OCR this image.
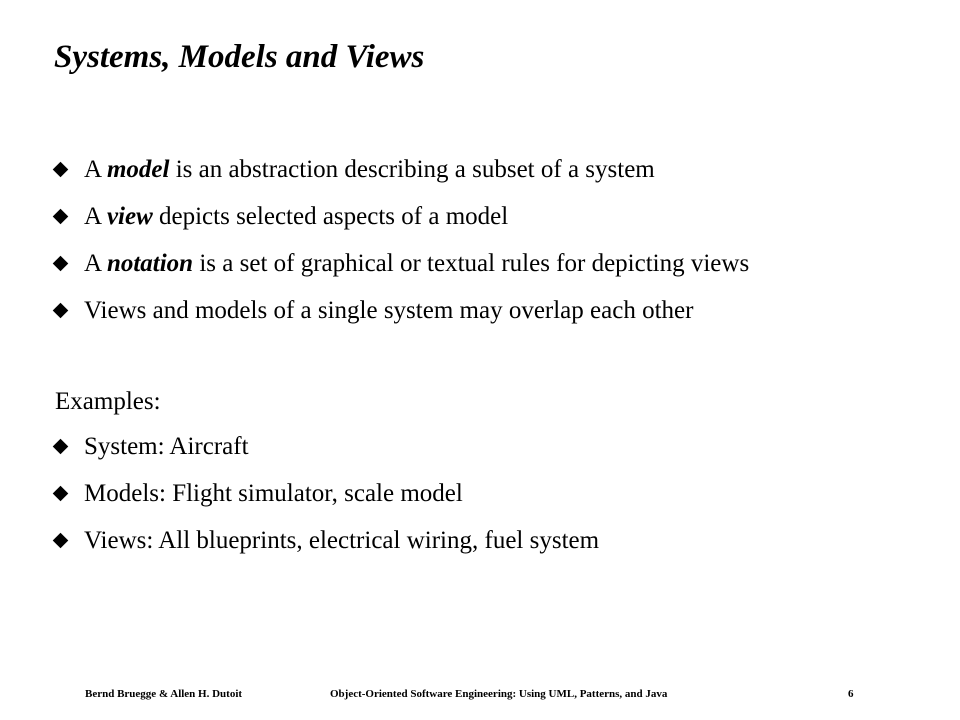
Systems, Models and Views
A model is an abstraction describing a subset of a system
A view depicts selected aspects of a model
A notation is a set of graphical or textual rules for depicting views
Views and models of a single system may overlap each other
Examples:
System: Aircraft
Models: Flight simulator, scale model
Views: All blueprints, electrical wiring, fuel system
Bernd Bruegge & Allen H. Dutoit	Object-Oriented Software Engineering: Using UML, Patterns, and Java	6
